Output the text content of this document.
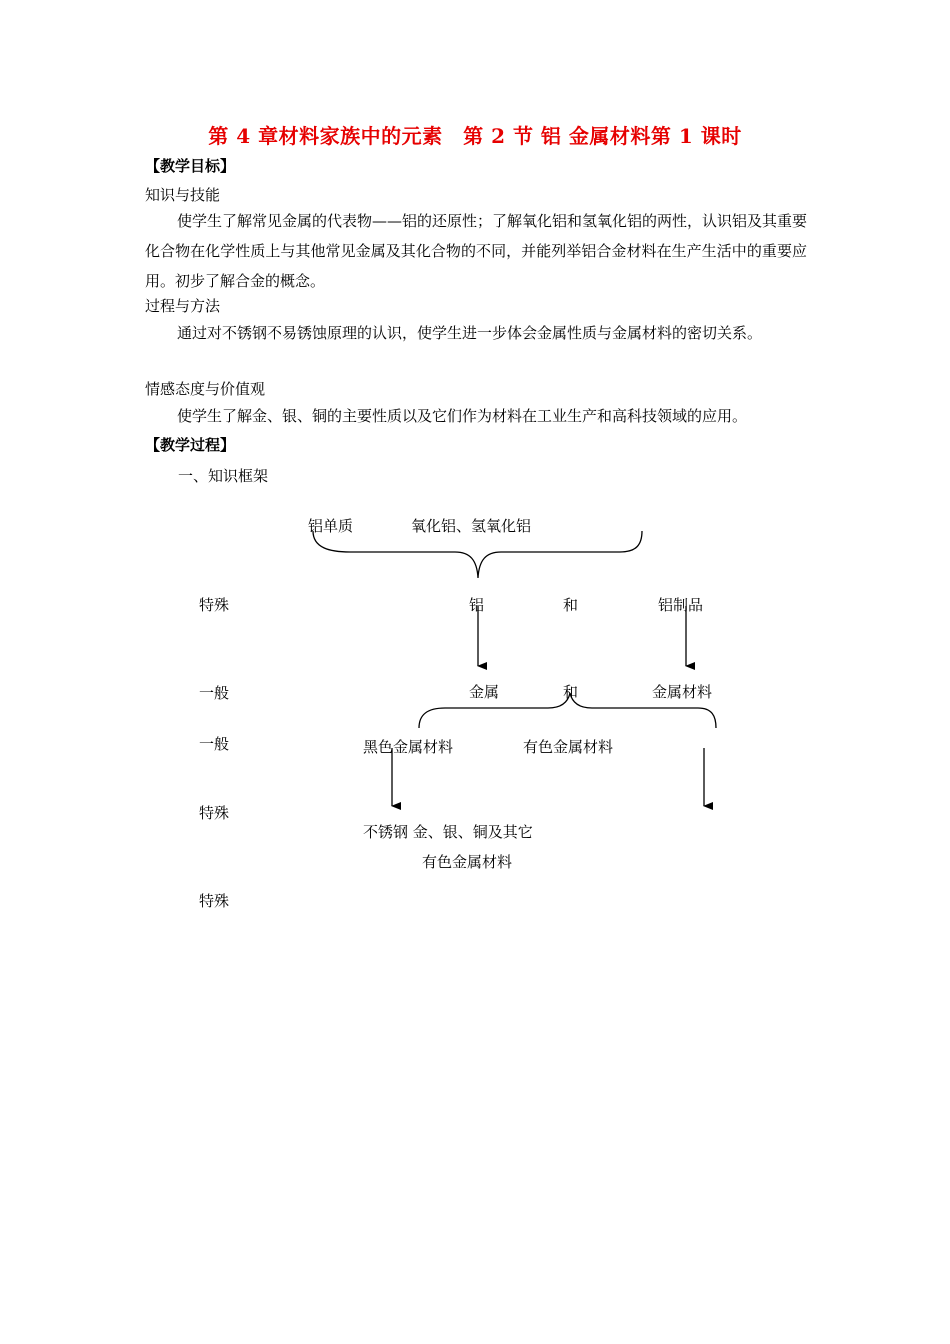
第 4 章材料家族中的元素　第 2 节 铝 金属材料第 1 课时
【教学目标】
知识与技能
使学生了解常见金属的代表物——铝的还原性；了解氧化铝和氢氧化铝的两性，认识铝及其重要化合物在化学性质上与其他常见金属及其化合物的不同，并能列举铝合金材料在生产生活中的重要应用。初步了解合金的概念。
过程与方法
通过对不锈钢不易锈蚀原理的认识，使学生进一步体会金属性质与金属材料的密切关系。
情感态度与价值观
使学生了解金、银、铜的主要性质以及它们作为材料在工业生产和高科技领域的应用。
【教学过程】
一、知识框架
铝单质	氧化铝、氢氧化铝
特殊	铝	和	铝制品
一般	金属	和	金属材料
一般	黑色金属材料	有色金属材料
特殊
不锈钢 金、银、铜及其它
有色金属材料
特殊
